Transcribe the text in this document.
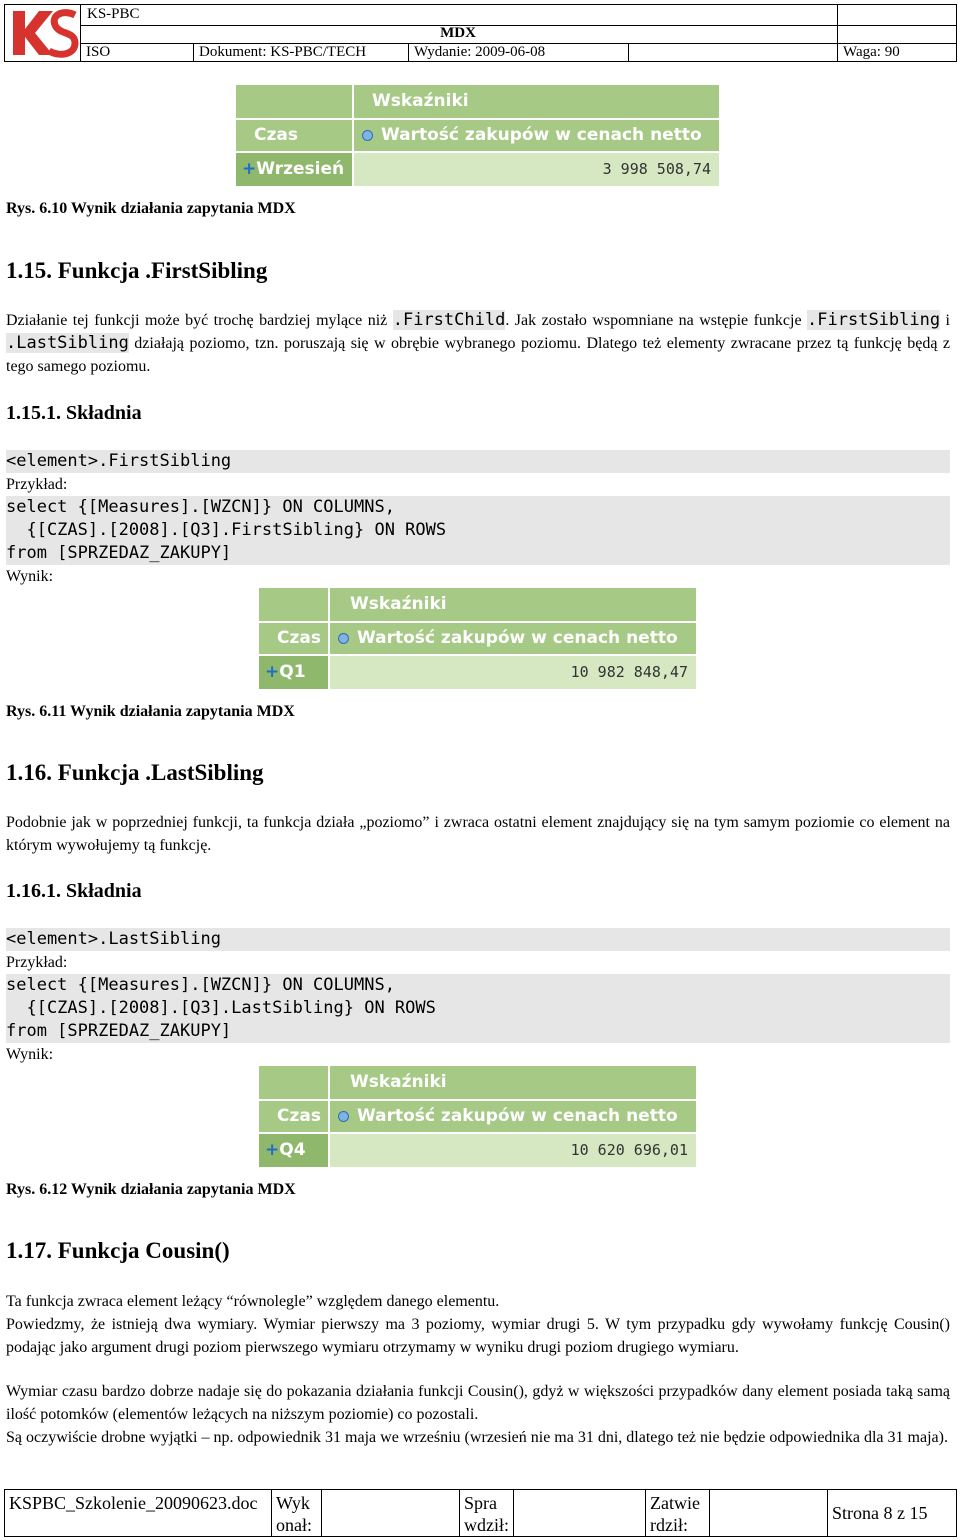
KS-PBC
MDX
ISO	Dokument: KS-PBC/TECH	Wydanie: 2009-06-08	Waga: 90
Wskaźniki
Czas	Wartość zakupów w cenach netto
+Wrzesień	3 998 508,74
Rys. 6.10 Wynik działania zapytania MDX
1.15. Funkcja .FirstSibling
Działanie tej funkcji może być trochę bardziej mylące niż .FirstChild. Jak zostało wspomniane na wstępie funkcje .FirstSibling i .LastSibling działają poziomo, tzn. poruszają się w obrębie wybranego poziomu. Dlatego też elementy zwracane przez tą funkcję będą z tego samego poziomu.
1.15.1. Składnia
<element>.FirstSibling
Przykład:
select {[Measures].[WZCN]} ON COLUMNS,
{[CZAS].[2008].[Q3].FirstSibling} ON ROWS
from [SPRZEDAZ_ZAKUPY]
Wynik:
Wskaźniki
Czas	Wartość zakupów w cenach netto
+Q1	10 982 848,47
Rys. 6.11 Wynik działania zapytania MDX
1.16. Funkcja .LastSibling
Podobnie jak w poprzedniej funkcji, ta funkcja działa „poziomo” i zwraca ostatni element znajdujący się na tym samym poziomie co element na którym wywołujemy tą funkcję.
1.16.1. Składnia
<element>.LastSibling
Przykład:
select {[Measures].[WZCN]} ON COLUMNS,
{[CZAS].[2008].[Q3].LastSibling} ON ROWS
from [SPRZEDAZ_ZAKUPY]
Wynik:
Wskaźniki
Czas	Wartość zakupów w cenach netto
+Q4	10 620 696,01
Rys. 6.12 Wynik działania zapytania MDX
1.17. Funkcja Cousin()
Ta funkcja zwraca element leżący “równolegle” względem danego elementu.
Powiedzmy, że istnieją dwa wymiary. Wymiar pierwszy ma 3 poziomy, wymiar drugi 5. W tym przypadku gdy wywołamy funkcję Cousin() podając jako argument drugi poziom pierwszego wymiaru otrzymamy w wyniku drugi poziom drugiego wymiaru.
Wymiar czasu bardzo dobrze nadaje się do pokazania działania funkcji Cousin(), gdyż w większości przypadków dany element posiada taką samą ilość potomków (elementów leżących na niższym poziomie) co pozostali.
Są oczywiście drobne wyjątki – np. odpowiednik 31 maja we wrześniu (wrzesień nie ma 31 dni, dlatego też nie będzie odpowiednika dla 31 maja).
KSPBC_Szkolenie_20090623.doc	Wykonał:
Sprawdził:
Zatwierdził:
Strona 8 z 15
